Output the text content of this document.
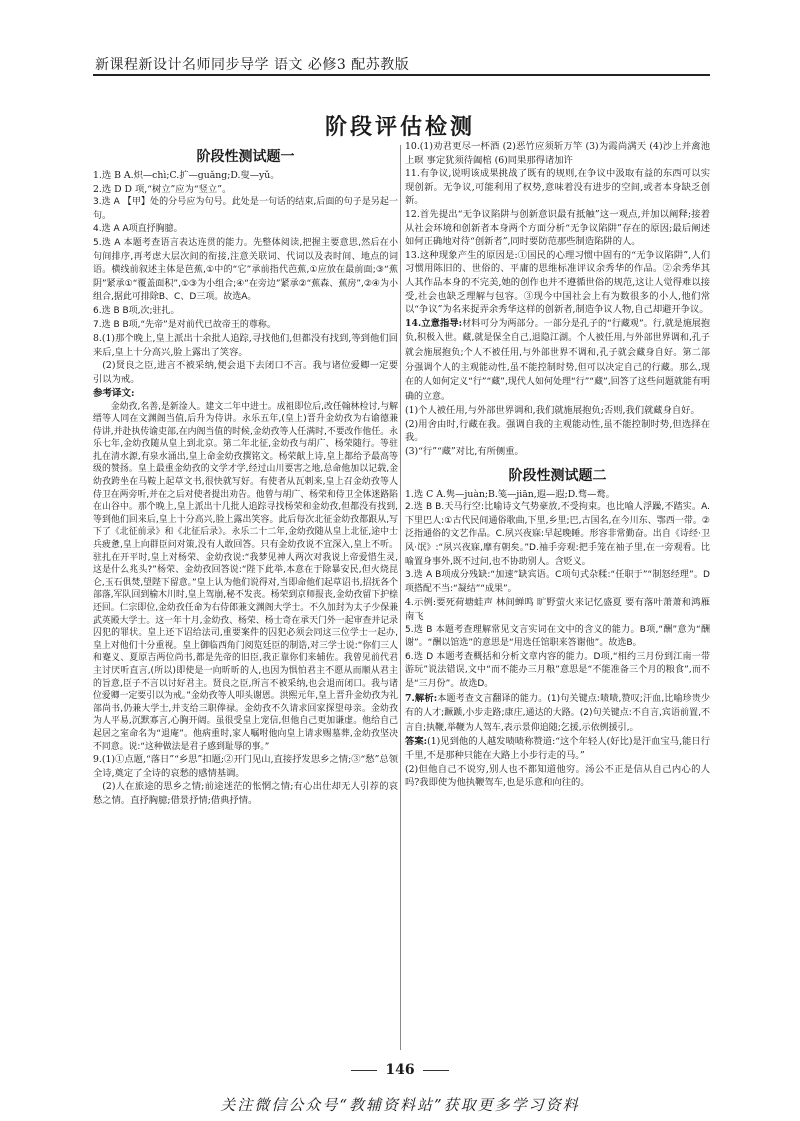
新课程新设计名师同步导学 语文 必修3 配苏教版
阶段评估检测
阶段性测试题一
1.选 B A.炽—chì;C.扩—guǎng;D.叟—yǔ。
2.选 D D 项,“树立”应为“竖立”。
3.选 A 【甲】处的分号应为句号。此处是一句话的结束,后面的句子是另起一句。
4.选 A A项直抒胸臆。
5.选 A 本题考查语言表达连贯的能力。先整体阅读,把握主要意思,然后在小句间排序,再考虑大层次间的衔接,注意关联词、代词以及表时间、地点的词语。横线前叙述主体是芭蕉,①中的“它”承前指代芭蕉,①应放在最前面;③“蕉阴”紧承①“覆盖面积”,①③为小组合;④“在旁边”紧承②“蕉森、蕉房”,②④为小组合,据此可排除B、C、D三项。故选A。
6.选 B B项,次;驻扎。
7.选 B B项,“先帝”是对前代已故帝王的尊称。
8.(1)那个晚上,皇上派出十余批人追踪,寻找他们,但都没有找到,等到他们回来后,皇上十分高兴,脸上露出了笑容。
(2)贤良之臣,进言不被采纳,便会退下去闭口不言。我与诸位爱卿一定要引以为戒。
参考译文:
金幼孜,名善,是新淦人。建文二年中进士。成祖即位后,改任翰林检讨,与解缙等人同在文渊阁当值,后升为侍讲。永乐五年,(皇上)晋升金幼孜为右谕德兼侍讲,并赴执传谕吏部,在内阁当值的时候,金幼孜等人任满时,不要改作他任。永乐七年,金幼孜随从皇上到北京。第二年北征,金幼孜与胡广、杨荣随行。等驻扎在清水源,有泉水涌出,皇上命金幼孜撰铭文。杨荣献上诗,皇上都给予最高等级的赞扬。皇上最重金幼孜的文学才学,经过山川要害之地,总命他加以记载,金幼孜跨坐在马鞍上起草文书,很快就写好。有使者从瓦剌来,皇上召金幼孜等人侍卫在两旁听,并在之后对使者提出劝告。他曾与胡广、杨荣和侍卫全体迷路陷在山谷中。那个晚上,皇上派出十几批人追踪寻找杨荣和金幼孜,但都没有找到,等到他们回来后,皇上十分高兴,脸上露出笑容。此后每次北征金幼孜都跟从,写下了《北征前录》和《北征后录》。永乐二十二年,金幼孜随从皇上北征,途中士兵疲惫,皇上向群臣问对策,没有人敢回答。只有金幼孜说不宜深入,皇上不听。驻扎在开平时,皇上对杨荣、金幼孜说:“我梦见神人两次对我说上帝爱惜生灵,这是什么兆头?”杨荣、金幼孜回答说:“陛下此举,本意在于除暴安民,但火烧昆仑,玉石俱焚,望陛下留意。”皇上认为他们说得对,当即命他们起草诏书,招抚各个部落,军队回到榆木川时,皇上驾崩,秘不发丧。杨荣到京师报丧,金幼孜留下护榇还回。仁宗即位,金幼孜任命为右侍郎兼文渊阁大学士。不久加封为太子少保兼武英殿大学士。这一年十月,金幼孜、杨荣、杨士奇在承天门外一起审查并记录囚犯的罪状。皇上还下诏给法司,重要案件的囚犯必须会同这三位学士一起办,皇上对他们十分重视。皇上御临西角门阅览廷臣的制诰,对三学士说:“你们三人和蹇义、夏原吉两位尚书,都是先帝的旧臣,我正靠你们来辅佐。我曾见前代君主讨厌听直言,(所以)即使是一向昕昕的人,也因为惧怕君主不愿从而顺从君主的旨意,臣子不言以讨好君主。贤良之臣,所言不被采纳,也会退而闭口。我与诸位爱卿一定要引以为戒。”金幼孜等人叩头谢恩。洪熙元年,皇上晋升金幼孜为礼部尚书,仍兼大学士,并支给三职俸禄。金幼孜不久请求回家探望母亲。金幼孜为人平易,沉默寡言,心胸开阔。虽很受皇上宠信,但他自己更加谦虚。他给自己起居之室命名为“退庵”。他病重时,家人嘱咐他向皇上请求赐墓葬,金幼孜坚决不同意。说:“这种做法是君子感到耻辱的事。”
9.(1)①点题,“落日”“乡思”扣题;②开门见山,直接抒发思乡之情;③“愁”总领全诗,奠定了全诗的哀愁的感情基调。
(2)人在旅途的思乡之情;前途迷茫的怅惘之情;有心出仕却无人引荐的哀愁之情。直抒胸臆;借景抒情;借典抒情。
10.(1)劝君更尽一杯酒 (2)恶竹应须斩万竿 (3)为霞尚满天 (4)沙上并禽池上暝 事定犹须待阖棺 (6)同果那得诸加许
11.有争议,说明该成果挑战了既有的规则,在争议中汲取有益的东西可以实现创新。无争议,可能利用了权势,意味着没有进步的空间,或者本身缺乏创新。
12.首先提出“无争议陷阱与创新意识最有抵触”这一观点,并加以阐释;接着从社会环境和创新者本身两个方面分析“无争议陷阱”存在的原因;最后阐述如何正确地对待“创新者”,同时要防范那些制造陷阱的人。
13.这种现象产生的原因是:①国民的心理习惯中固有的“无争议陷阱”,人们习惯用陈旧的、世俗的、平庸的思维标准评议余秀华的作品。②余秀华其人其作品本身的不完美,她的创作也并不遵循世俗的规范,这让人觉得难以接受,社会也缺乏理解与包容。③现今中国社会上有为数很多的小人,他们常以“争议”为名来捉弄余秀华这样的创新者,制造争议人物,自己却避开争议。
14.立意指导:材料可分为两部分。一部分是孔子的“行藏观”。行,就是施展抱负,积极入世。藏,就是保全自己,退隐江湖。个人被任用,与外部世界调和,孔子就会施展抱负;个人不被任用,与外部世界不调和,孔子就会藏身自好。第二部分强调个人的主观能动性,虽不能控制时势,但可以决定自己的行藏。那么,现在的人如何定义“行”“藏”,现代人如何处理“行”“藏”,回答了这些问题就能有明确的立意。
(1)个人被任用,与外部世界调和,我们就施展抱负;否则,我们就藏身自好。
(2)用舍由时,行藏在我。强调自我的主观能动性,虽不能控制时势,但选择在我。
(3)“行”“藏”对比,有所侧重。
阶段性测试题二
1.选 C A.隽—juàn;B.笺—jiān,遐—遐;D.骛—鹜。
2.选 B B.天马行空:比喻诗文气势豪放,不受拘束。也比喻人浮躁,不踏实。A.下里巴人:①古代民间通俗歌曲,下里,乡里;巴,古国名,在今川东、鄂西一带。②泛指通俗的文艺作品。C.夙兴夜寐:早起晚睡。形容非常勤奋。出自《诗经·卫风·氓》:“夙兴夜寐,靡有朝矣。”D.袖手旁观:把手笼在袖子里,在一旁观看。比喻置身事外,既不过问,也不协助别人。含贬义。
3.选 A B项成分残缺:“加速”缺宾语。C项句式杂糅:“任职于”“制怒经理”。D项搭配不当:“凝结”“成果”。
4.示例:要死荷塘蛙声 林间蝉鸣 旷野萤火来记忆盛夏 要有落叶萧萧和鸿雁南飞
5.选 B 本题考查理解常见文言实词在文中的含义的能力。B项,“酬”意为“酬谢”。“酬以馆选”的意思是“用选任馆职来答谢他”。故选B。
6.选 D 本题考查概括和分析文章内容的能力。D项,“相约三月份到江南一带游玩”说法错误,文中“而不能办三月粮”意思是“不能准备三个月的粮食”,而不是“三月份”。故选D。
7.解析:本题考查文言翻译的能力。(1)句关键点:啧啧,赞叹;汗血,比喻珍贵少有的人才;蹶踬,小步走路;康庄,通达的大路。(2)句关键点:不自言,宾语前置,不言自;执鞭,举鞭为人驾车,表示景仰追随;乞援,示依例援引,。
答案:(1)见到他的人越发啧啧称赞道:“这个年轻人(好比)是汗血宝马,能日行千里,不是那种只能在大路上小步行走的马。”
(2)但他自己不说穷,别人也不都知道他穷。汤公不正是信从自己内心的人吗?我即使为他执鞭驾车,也是乐意和向往的。
146
关注微信公众号“教辅资料站”获取更多学习资料
